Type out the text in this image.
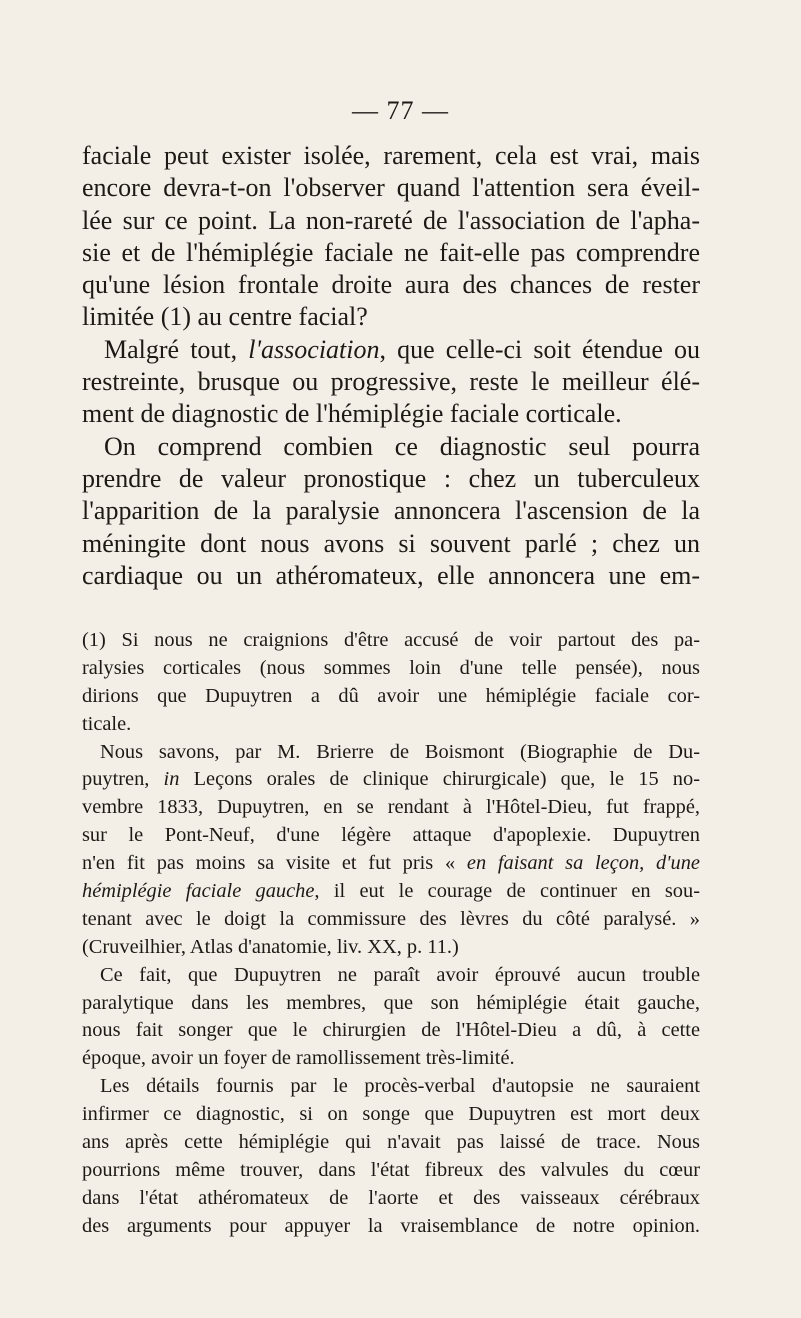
— 77 —
faciale peut exister isolée, rarement, cela est vrai, mais
encore devra-t-on l'observer quand l'attention sera éveil-
lée sur ce point. La non-rareté de l'association de l'apha-
sie et de l'hémiplégie faciale ne fait-elle pas comprendre
qu'une lésion frontale droite aura des chances de rester
limitée (1) au centre facial?
Malgré tout, l'association, que celle-ci soit étendue ou
restreinte, brusque ou progressive, reste le meilleur élé-
ment de diagnostic de l'hémiplégie faciale corticale.
On comprend combien ce diagnostic seul pourra
prendre de valeur pronostique : chez un tuberculeux
l'apparition de la paralysie annoncera l'ascension de la
méningite dont nous avons si souvent parlé ; chez un
cardiaque ou un athéromateux, elle annoncera une em-
(1) Si nous ne craignions d'être accusé de voir partout des pa-
ralysies corticales (nous sommes loin d'une telle pensée), nous
dirions que Dupuytren a dû avoir une hémiplégie faciale cor-
ticale.
Nous savons, par M. Brierre de Boismont (Biographie de Du-
puytren, in Leçons orales de clinique chirurgicale) que, le 15 no-
vembre 1833, Dupuytren, en se rendant à l'Hôtel-Dieu, fut frappé,
sur le Pont-Neuf, d'une légère attaque d'apoplexie. Dupuytren
n'en fit pas moins sa visite et fut pris « en faisant sa leçon, d'une
hémiplégie faciale gauche, il eut le courage de continuer en sou-
tenant avec le doigt la commissure des lèvres du côté paralysé. »
(Cruveilhier, Atlas d'anatomie, liv. XX, p. 11.)
Ce fait, que Dupuytren ne paraît avoir éprouvé aucun trouble
paralytique dans les membres, que son hémiplégie était gauche,
nous fait songer que le chirurgien de l'Hôtel-Dieu a dû, à cette
époque, avoir un foyer de ramollissement très-limité.
Les détails fournis par le procès-verbal d'autopsie ne sauraient
infirmer ce diagnostic, si on songe que Dupuytren est mort deux
ans après cette hémiplégie qui n'avait pas laissé de trace. Nous
pourrions même trouver, dans l'état fibreux des valvules du cœur
dans l'état athéromateux de l'aorte et des vaisseaux cérébraux
des arguments pour appuyer la vraisemblance de notre opinion.
